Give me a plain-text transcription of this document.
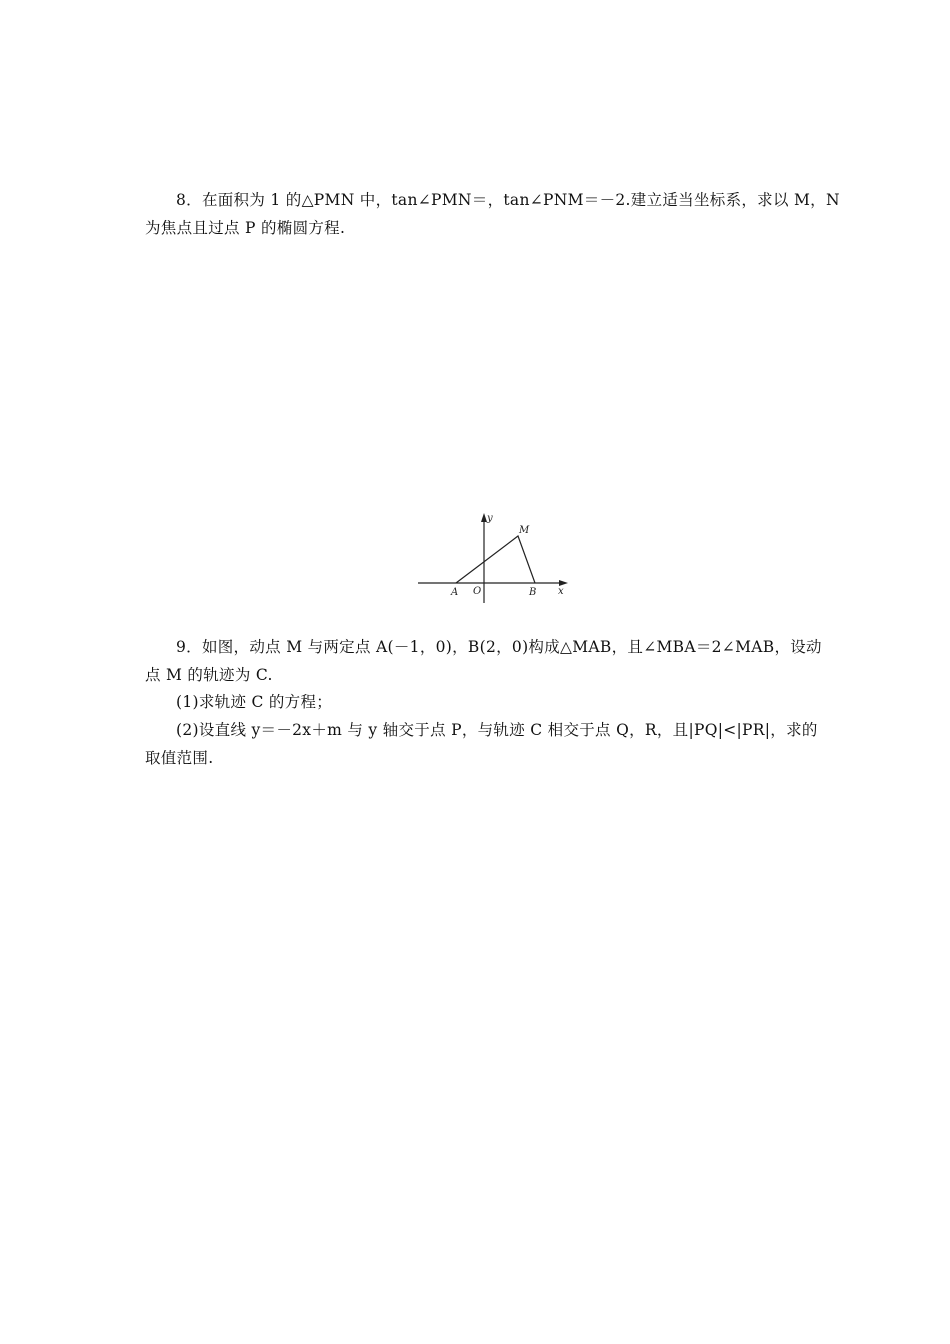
8．在面积为 1 的△PMN 中，tan∠PMN＝，tan∠PNM＝－2.建立适当坐标系，求以 M，N
为焦点且过点 P 的椭圆方程.
y
x
M
A O	B
9．如图，动点 M 与两定点 A(－1，0)，B(2，0)构成△MAB，且∠MBA＝2∠MAB，设动
点 M 的轨迹为 C.
(1)求轨迹 C 的方程；
(2)设直线 y＝－2x＋m 与 y 轴交于点 P，与轨迹 C 相交于点 Q，R，且|PQ|<|PR|，求的
取值范围.
